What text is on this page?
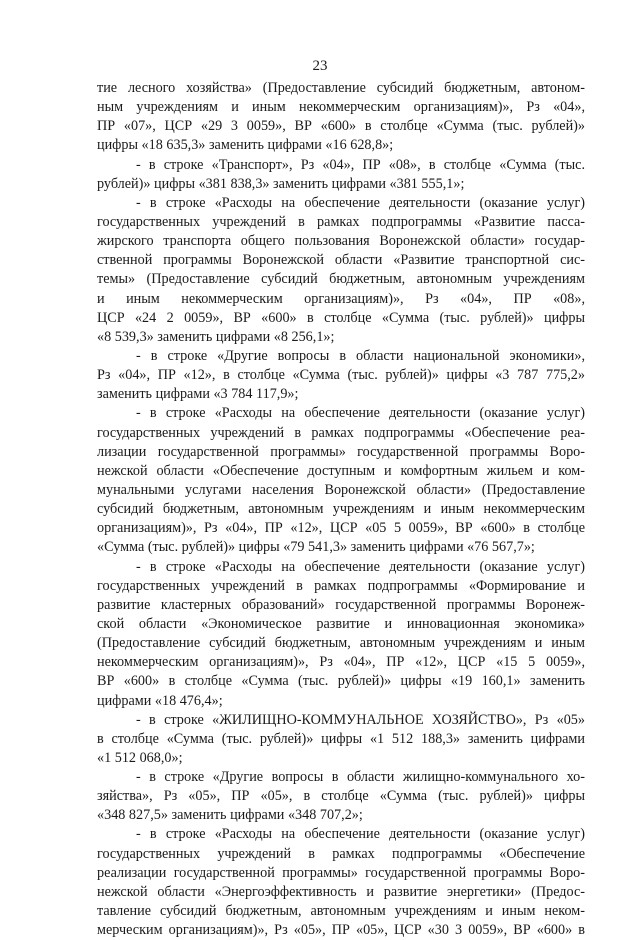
23
тие лесного хозяйства» (Предоставление субсидий бюджетным, автоном-
ным учреждениям и иным некоммерческим организациям)», Рз «04»,
ПР «07», ЦСР «29 3 0059», ВР «600» в столбце «Сумма (тыс. рублей)»
цифры «18 635,3» заменить цифрами «16 628,8»;
- в строке «Транспорт», Рз «04», ПР «08», в столбце «Сумма (тыс.
рублей)» цифры «381 838,3» заменить цифрами «381 555,1»;
- в строке «Расходы на обеспечение деятельности (оказание услуг)
государственных учреждений в рамках подпрограммы «Развитие пасса-
жирского транспорта общего пользования Воронежской области» государ-
ственной программы Воронежской области «Развитие транспортной сис-
темы» (Предоставление субсидий бюджетным, автономным учреждениям
и иным некоммерческим организациям)», Рз «04», ПР «08»,
ЦСР «24 2 0059», ВР «600» в столбце «Сумма (тыс. рублей)» цифры
«8 539,3» заменить цифрами «8 256,1»;
- в строке «Другие вопросы в области национальной экономики»,
Рз «04», ПР «12», в столбце «Сумма (тыс. рублей)» цифры «3 787 775,2»
заменить цифрами «3 784 117,9»;
- в строке «Расходы на обеспечение деятельности (оказание услуг)
государственных учреждений в рамках подпрограммы «Обеспечение реа-
лизации государственной программы» государственной программы Воро-
нежской области «Обеспечение доступным и комфортным жильем и ком-
мунальными услугами населения Воронежской области» (Предоставление
субсидий бюджетным, автономным учреждениям и иным некоммерческим
организациям)», Рз «04», ПР «12», ЦСР «05 5 0059», ВР «600» в столбце
«Сумма (тыс. рублей)» цифры «79 541,3» заменить цифрами «76 567,7»;
- в строке «Расходы на обеспечение деятельности (оказание услуг)
государственных учреждений в рамках подпрограммы «Формирование и
развитие кластерных образований» государственной программы Воронеж-
ской области «Экономическое развитие и инновационная экономика»
(Предоставление субсидий бюджетным, автономным учреждениям и иным
некоммерческим организациям)», Рз «04», ПР «12», ЦСР «15 5 0059»,
ВР «600» в столбце «Сумма (тыс. рублей)» цифры «19 160,1» заменить
цифрами «18 476,4»;
- в строке «ЖИЛИЩНО-КОММУНАЛЬНОЕ ХОЗЯЙСТВО», Рз «05»
в столбце «Сумма (тыс. рублей)» цифры «1 512 188,3» заменить цифрами
«1 512 068,0»;
- в строке «Другие вопросы в области жилищно-коммунального хо-
зяйства», Рз «05», ПР «05», в столбце «Сумма (тыс. рублей)» цифры
«348 827,5» заменить цифрами «348 707,2»;
- в строке «Расходы на обеспечение деятельности (оказание услуг)
государственных учреждений в рамках подпрограммы «Обеспечение
реализации государственной программы» государственной программы Воро-
нежской области «Энергоэффективность и развитие энергетики» (Предос-
тавление субсидий бюджетным, автономным учреждениям и иным неком-
мерческим организациям)», Рз «05», ПР «05», ЦСР «30 3 0059», ВР «600» в
